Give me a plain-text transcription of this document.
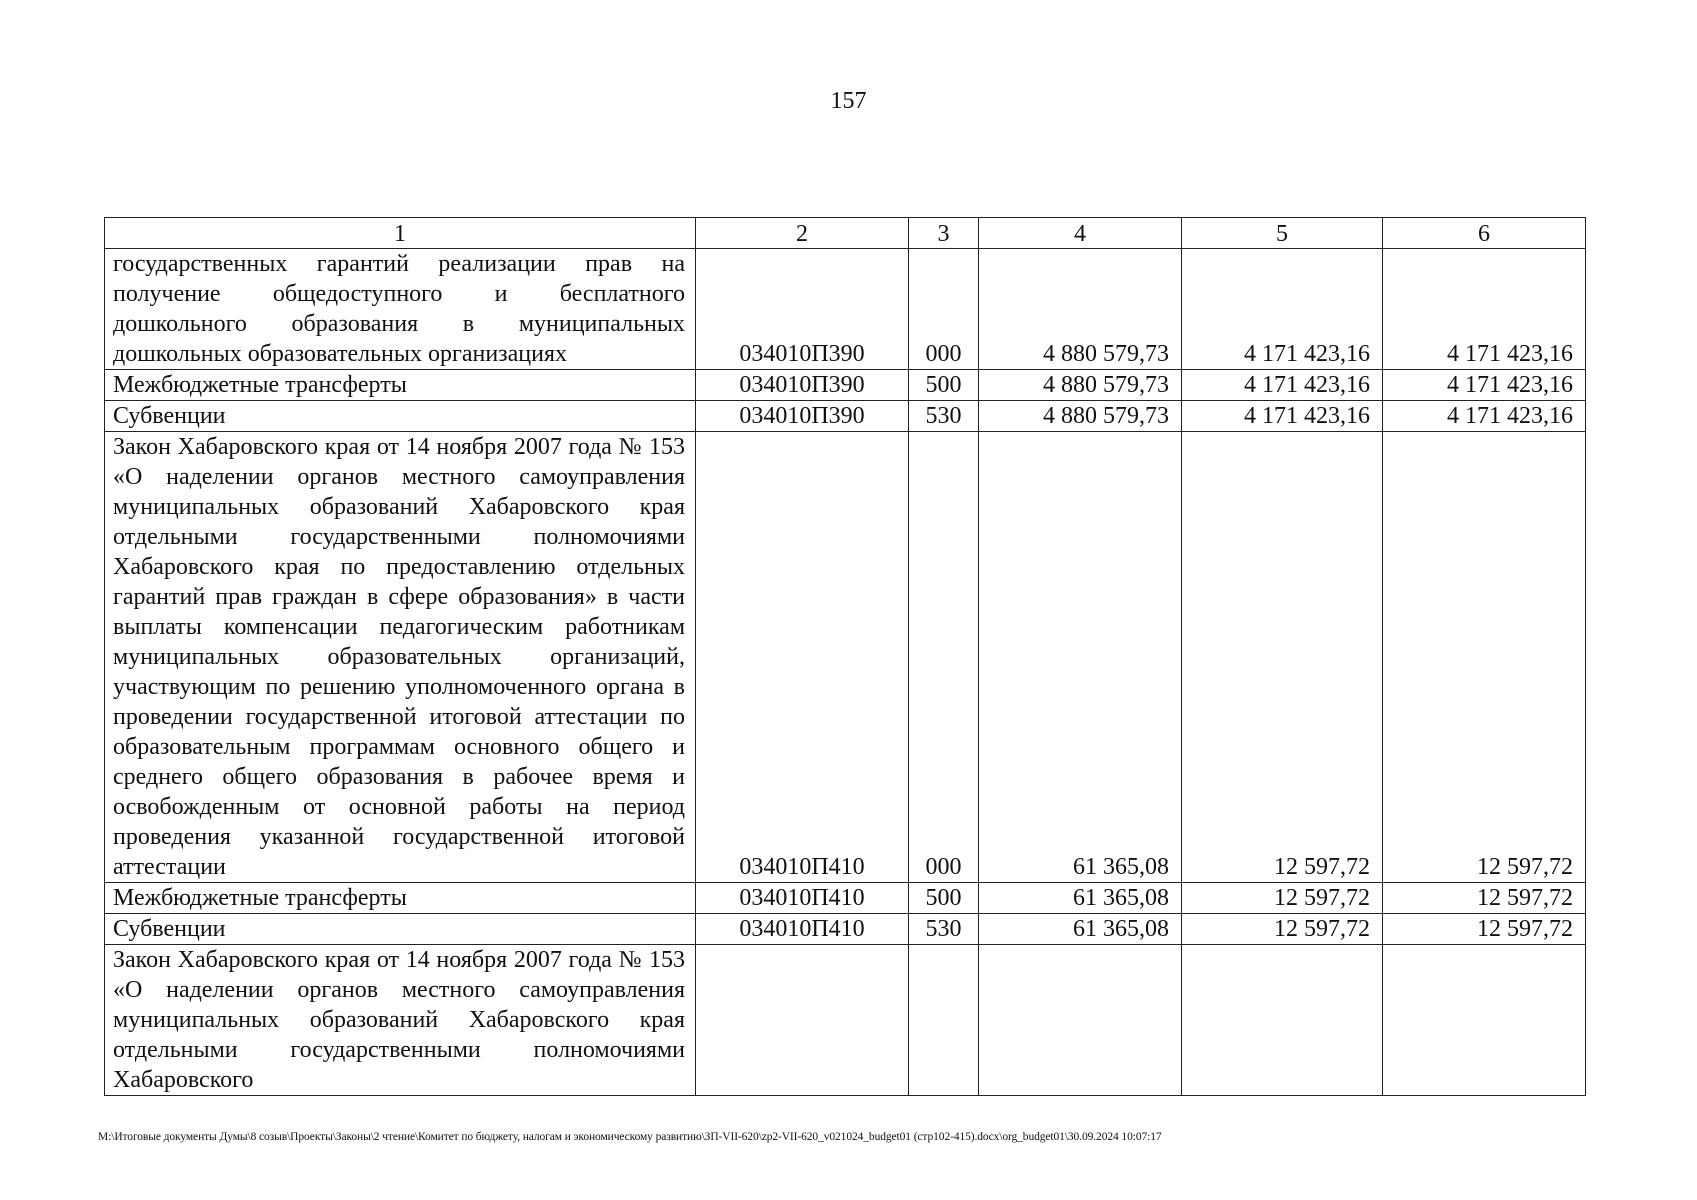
157
1	2	3	4	5	6
государственных гарантий реализации прав на получение общедоступного и бесплатного дошкольного образования в муниципальных дошкольных образовательных организациях	034010П390	000	4 880 579,73	4 171 423,16	4 171 423,16
Межбюджетные трансферты	034010П390	500	4 880 579,73	4 171 423,16	4 171 423,16
Субвенции	034010П390	530	4 880 579,73	4 171 423,16	4 171 423,16
Закон Хабаровского края от 14 ноября 2007 года № 153 «О наделении органов местного самоуправления муниципальных образований Хабаровского края отдельными государственными полномочиями Хабаровского края по предоставлению отдельных гарантий прав граждан в сфере образования» в части выплаты компенсации педагогическим работникам муниципальных образовательных организаций, участвующим по решению уполномоченного органа в проведении государственной итоговой аттестации по образовательным программам основного общего и среднего общего образования в рабочее время и освобожденным от основной работы на период проведения указанной государственной итоговой аттестации	034010П410	000	61 365,08	12 597,72	12 597,72
Межбюджетные трансферты	034010П410	500	61 365,08	12 597,72	12 597,72
Субвенции	034010П410	530	61 365,08	12 597,72	12 597,72
Закон Хабаровского края от 14 ноября 2007 года № 153 «О наделении органов местного самоуправления муниципальных образований Хабаровского края отдельными государственными полномочиями Хабаровского					
M:\Итоговые документы Думы\8 созыв\Проекты\Законы\2 чтение\Комитет по бюджету, налогам и экономическому развитию\ЗП-VII-620\zp2-VII-620_v021024_budget01 (стр102-415).docx\org_budget01\30.09.2024 10:07:17
